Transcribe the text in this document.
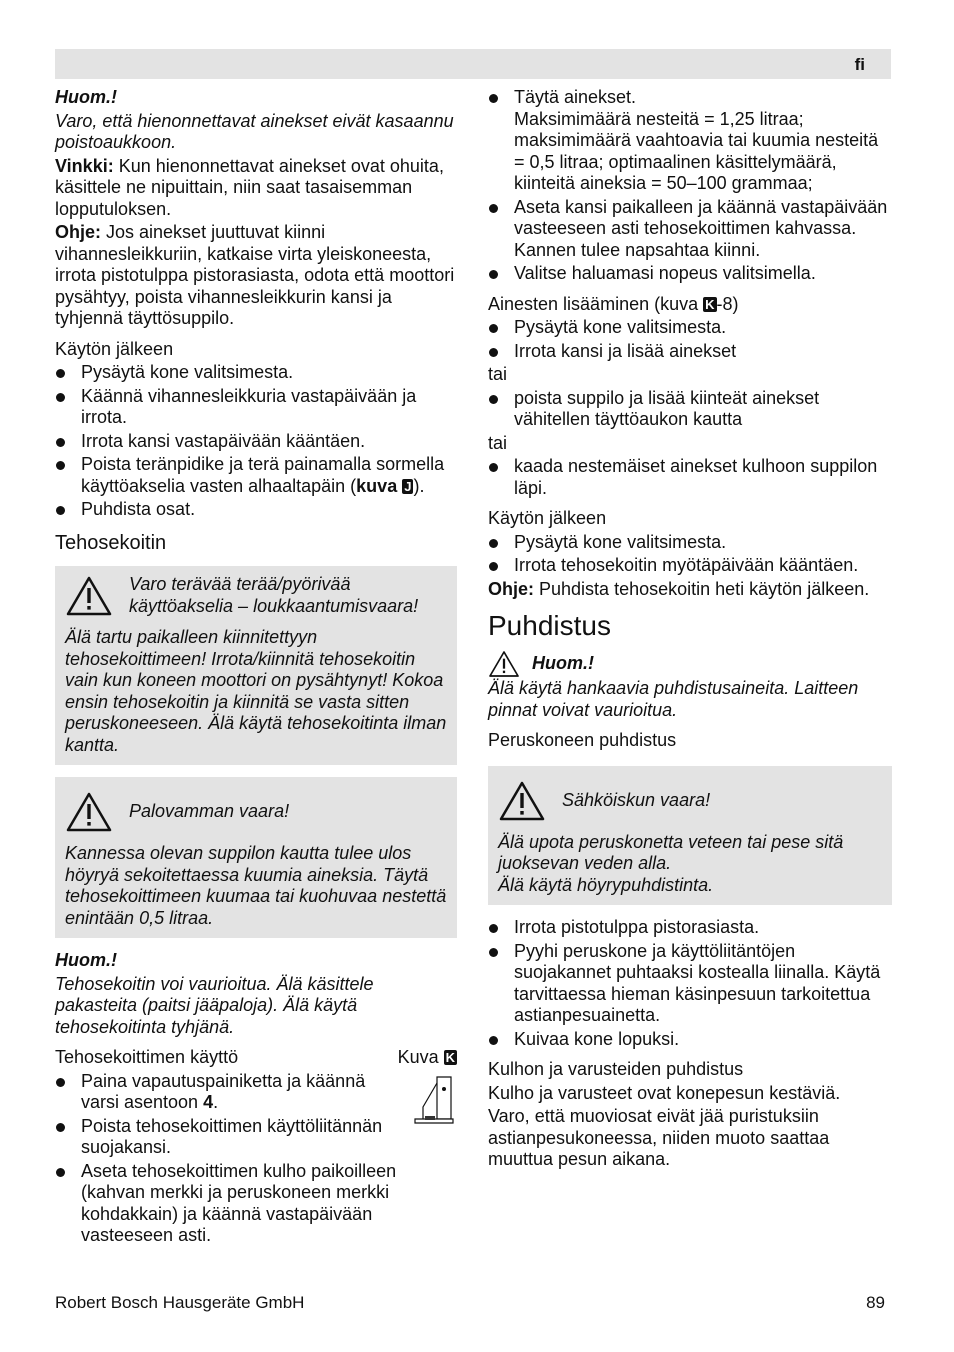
fi

Huom.!

Varo, että hienonnettavat ainekset eivät kasaannu poistoaukkoon.

Vinkki: Kun hienonnettavat ainekset ovat ohuita, käsittele ne nipuittain, niin saat tasaisemman lopputuloksen.

Ohje: Jos ainekset juuttuvat kiinni vihannesleikkuriin, katkaise virta yleiskoneesta, irrota pistotulppa pistorasiasta, odota että moottori pysähtyy, poista vihannesleikkurin kansi ja tyhjennä täyttösuppilo.

Käytön jälkeen

Pysäytä kone valitsimesta.
Käännä vihannesleikkuria vastapäivään ja irrota.
Irrota kansi vastapäivään kääntäen.
Poista teränpidike ja terä painamalla sormella käyttöakselia vasten alhaaltapäin (kuva J ).
Puhdista osat.

Tehosekoitin

Varo terävää terää/pyörivää käyttöakselia – loukkaantumisvaara!
Älä tartu paikalleen kiinnitettyyn tehosekoittimeen! Irrota/kiinnitä tehosekoitin vain kun koneen moottori on pysähtynyt! Kokoa ensin tehosekoitin ja kiinnitä se vasta sitten peruskoneeseen. Älä käytä tehosekoitinta ilman kantta.
Palovamman vaara!
Kannessa olevan suppilon kautta tulee ulos höyryä sekoitettaessa kuumia aineksia. Täytä tehosekoittimeen kuumaa tai kuohuvaa nestettä enintään 0,5 litraa.

Huom.!

Tehosekoitin voi vaurioitua. Älä käsittele pakasteita (paitsi jääpaloja). Älä käytä tehosekoitinta tyhjänä.

Tehosekoittimen käyttö	Kuva K
Paina vapautuspainiketta ja käännä varsi asentoon 4.
Poista tehosekoittimen käyttöliitännän suojakansi.
Aseta tehosekoittimen kulho paikoilleen (kahvan merkki ja peruskoneen merkki kohdakkain) ja käännä vastapäivään vasteeseen asti.
Täytä ainekset.
Maksimimäärä nesteitä = 1,25 litraa; maksimimäärä vaahtoavia tai kuumia nesteitä = 0,5 litraa; optimaalinen käsittelymäärä, kiinteitä aineksia = 50–100 grammaa;
Aseta kansi paikalleen ja käännä vastapäivään vasteeseen asti tehosekoittimen kahvassa. Kannen tulee napsahtaa kiinni.
Valitse haluamasi nopeus valitsimella.

Ainesten lisääminen (kuva K -8)

Pysäytä kone valitsimesta.
Irrota kansi ja lisää ainekset

tai

poista suppilo ja lisää kiinteät ainekset vähitellen täyttöaukon kautta

tai

kaada nestemäiset ainekset kulhoon suppilon läpi.

Käytön jälkeen

Pysäytä kone valitsimesta.
Irrota tehosekoitin myötäpäivään kääntäen.

Ohje: Puhdista tehosekoitin heti käytön jälkeen.

Puhdistus

Huom.!

Älä käytä hankaavia puhdistusaineita. Laitteen pinnat voivat vaurioitua.

Peruskoneen puhdistus

Sähköiskun vaara!
Älä upota peruskonetta veteen tai pese sitä juoksevan veden alla.
Älä käytä höyrypuhdistinta.
Irrota pistotulppa pistorasiasta.
Pyyhi peruskone ja käyttöliitäntöjen suojakannet puhtaaksi kostealla liinalla. Käytä tarvittaessa hieman käsinpesuun tarkoitettua astianpesuainetta.
Kuivaa kone lopuksi.

Kulhon ja varusteiden puhdistus

Kulho ja varusteet ovat konepesun kestäviä.

Varo, että muoviosat eivät jää puristuksiin astianpesukoneessa, niiden muoto saattaa muuttua pesun aikana.

Robert Bosch Hausgeräte GmbH	89
